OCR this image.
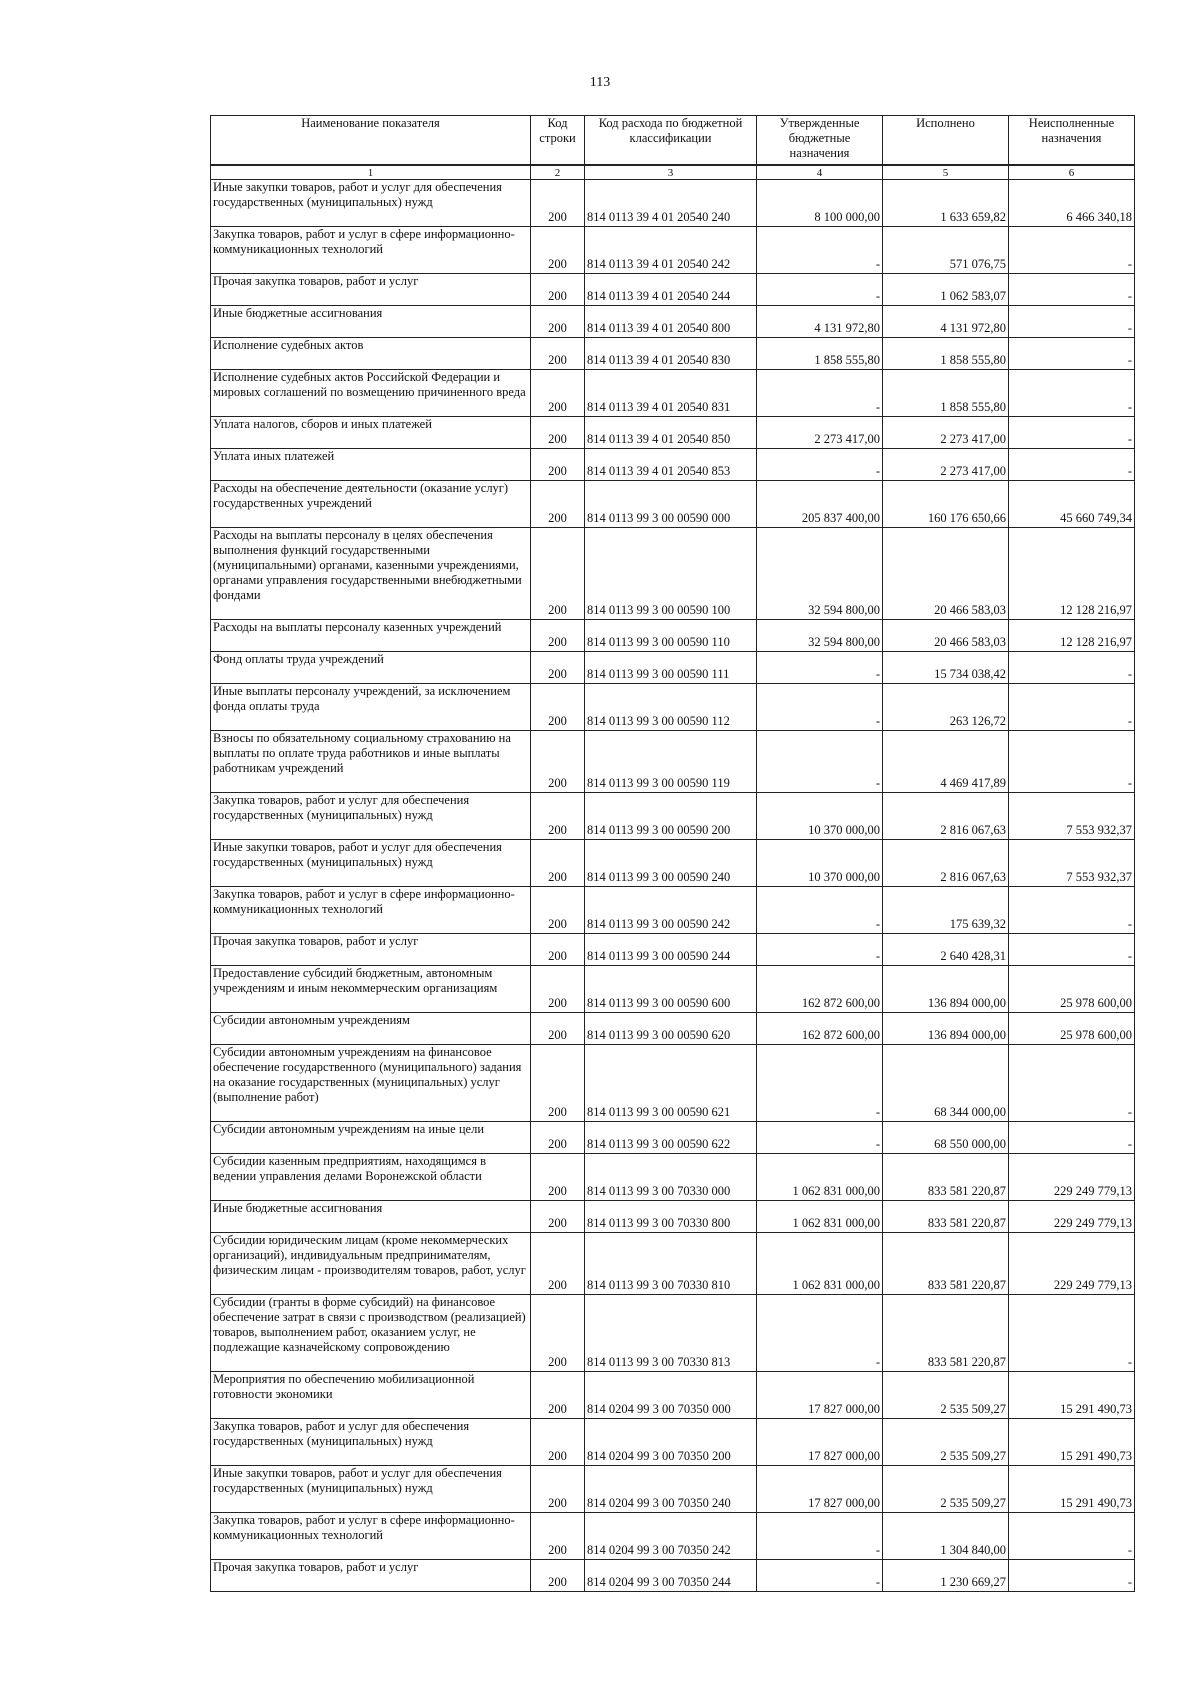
113
Наименование показателя	Код строки	Код расхода по бюджетной классификации	Утвержденные бюджетные назначения	Исполнено	Неисполненные назначения
1	2	3	4	5	6
Иные закупки товаров, работ и услуг для обеспечения государственных (муниципальных) нужд	200	814 0113 39 4 01 20540 240	8 100 000,00	1 633 659,82	6 466 340,18
Закупка товаров, работ и услуг в сфере информационно-коммуникационных технологий	200	814 0113 39 4 01 20540 242	-	571 076,75	-
Прочая закупка товаров, работ и услуг	200	814 0113 39 4 01 20540 244	-	1 062 583,07	-
Иные бюджетные ассигнования	200	814 0113 39 4 01 20540 800	4 131 972,80	4 131 972,80	-
Исполнение судебных актов	200	814 0113 39 4 01 20540 830	1 858 555,80	1 858 555,80	-
Исполнение судебных актов Российской Федерации и мировых соглашений по возмещению причиненного вреда	200	814 0113 39 4 01 20540 831	-	1 858 555,80	-
Уплата налогов, сборов и иных платежей	200	814 0113 39 4 01 20540 850	2 273 417,00	2 273 417,00	-
Уплата иных платежей	200	814 0113 39 4 01 20540 853	-	2 273 417,00	-
Расходы на обеспечение деятельности (оказание услуг) государственных учреждений	200	814 0113 99 3 00 00590 000	205 837 400,00	160 176 650,66	45 660 749,34
Расходы на выплаты персоналу в целях обеспечения выполнения функций государственными (муниципальными) органами, казенными учреждениями, органами управления государственными внебюджетными фондами	200	814 0113 99 3 00 00590 100	32 594 800,00	20 466 583,03	12 128 216,97
Расходы на выплаты персоналу казенных учреждений	200	814 0113 99 3 00 00590 110	32 594 800,00	20 466 583,03	12 128 216,97
Фонд оплаты труда учреждений	200	814 0113 99 3 00 00590 111	-	15 734 038,42	-
Иные выплаты персоналу учреждений, за исключением фонда оплаты труда	200	814 0113 99 3 00 00590 112	-	263 126,72	-
Взносы по обязательному социальному страхованию на выплаты по оплате труда работников и иные выплаты работникам учреждений	200	814 0113 99 3 00 00590 119	-	4 469 417,89	-
Закупка товаров, работ и услуг для обеспечения государственных (муниципальных) нужд	200	814 0113 99 3 00 00590 200	10 370 000,00	2 816 067,63	7 553 932,37
Иные закупки товаров, работ и услуг для обеспечения государственных (муниципальных) нужд	200	814 0113 99 3 00 00590 240	10 370 000,00	2 816 067,63	7 553 932,37
Закупка товаров, работ и услуг в сфере информационно-коммуникационных технологий	200	814 0113 99 3 00 00590 242	-	175 639,32	-
Прочая закупка товаров, работ и услуг	200	814 0113 99 3 00 00590 244	-	2 640 428,31	-
Предоставление субсидий бюджетным, автономным учреждениям и иным некоммерческим организациям	200	814 0113 99 3 00 00590 600	162 872 600,00	136 894 000,00	25 978 600,00
Субсидии автономным учреждениям	200	814 0113 99 3 00 00590 620	162 872 600,00	136 894 000,00	25 978 600,00
Субсидии автономным учреждениям на финансовое обеспечение государственного (муниципального) задания на оказание государственных (муниципальных) услуг (выполнение работ)	200	814 0113 99 3 00 00590 621	-	68 344 000,00	-
Субсидии автономным учреждениям на иные цели	200	814 0113 99 3 00 00590 622	-	68 550 000,00	-
Субсидии казенным предприятиям, находящимся в ведении управления делами Воронежской области	200	814 0113 99 3 00 70330 000	1 062 831 000,00	833 581 220,87	229 249 779,13
Иные бюджетные ассигнования	200	814 0113 99 3 00 70330 800	1 062 831 000,00	833 581 220,87	229 249 779,13
Субсидии юридическим лицам (кроме некоммерческих организаций), индивидуальным предпринимателям, физическим лицам - производителям товаров, работ, услуг	200	814 0113 99 3 00 70330 810	1 062 831 000,00	833 581 220,87	229 249 779,13
Субсидии (гранты в форме субсидий) на финансовое обеспечение затрат в связи с производством (реализацией) товаров, выполнением работ, оказанием услуг, не подлежащие казначейскому сопровождению	200	814 0113 99 3 00 70330 813	-	833 581 220,87	-
Мероприятия по обеспечению мобилизационной готовности экономики	200	814 0204 99 3 00 70350 000	17 827 000,00	2 535 509,27	15 291 490,73
Закупка товаров, работ и услуг для обеспечения государственных (муниципальных) нужд	200	814 0204 99 3 00 70350 200	17 827 000,00	2 535 509,27	15 291 490,73
Иные закупки товаров, работ и услуг для обеспечения государственных (муниципальных) нужд	200	814 0204 99 3 00 70350 240	17 827 000,00	2 535 509,27	15 291 490,73
Закупка товаров, работ и услуг в сфере информационно-коммуникационных технологий	200	814 0204 99 3 00 70350 242	-	1 304 840,00	-
Прочая закупка товаров, работ и услуг	200	814 0204 99 3 00 70350 244	-	1 230 669,27	-
